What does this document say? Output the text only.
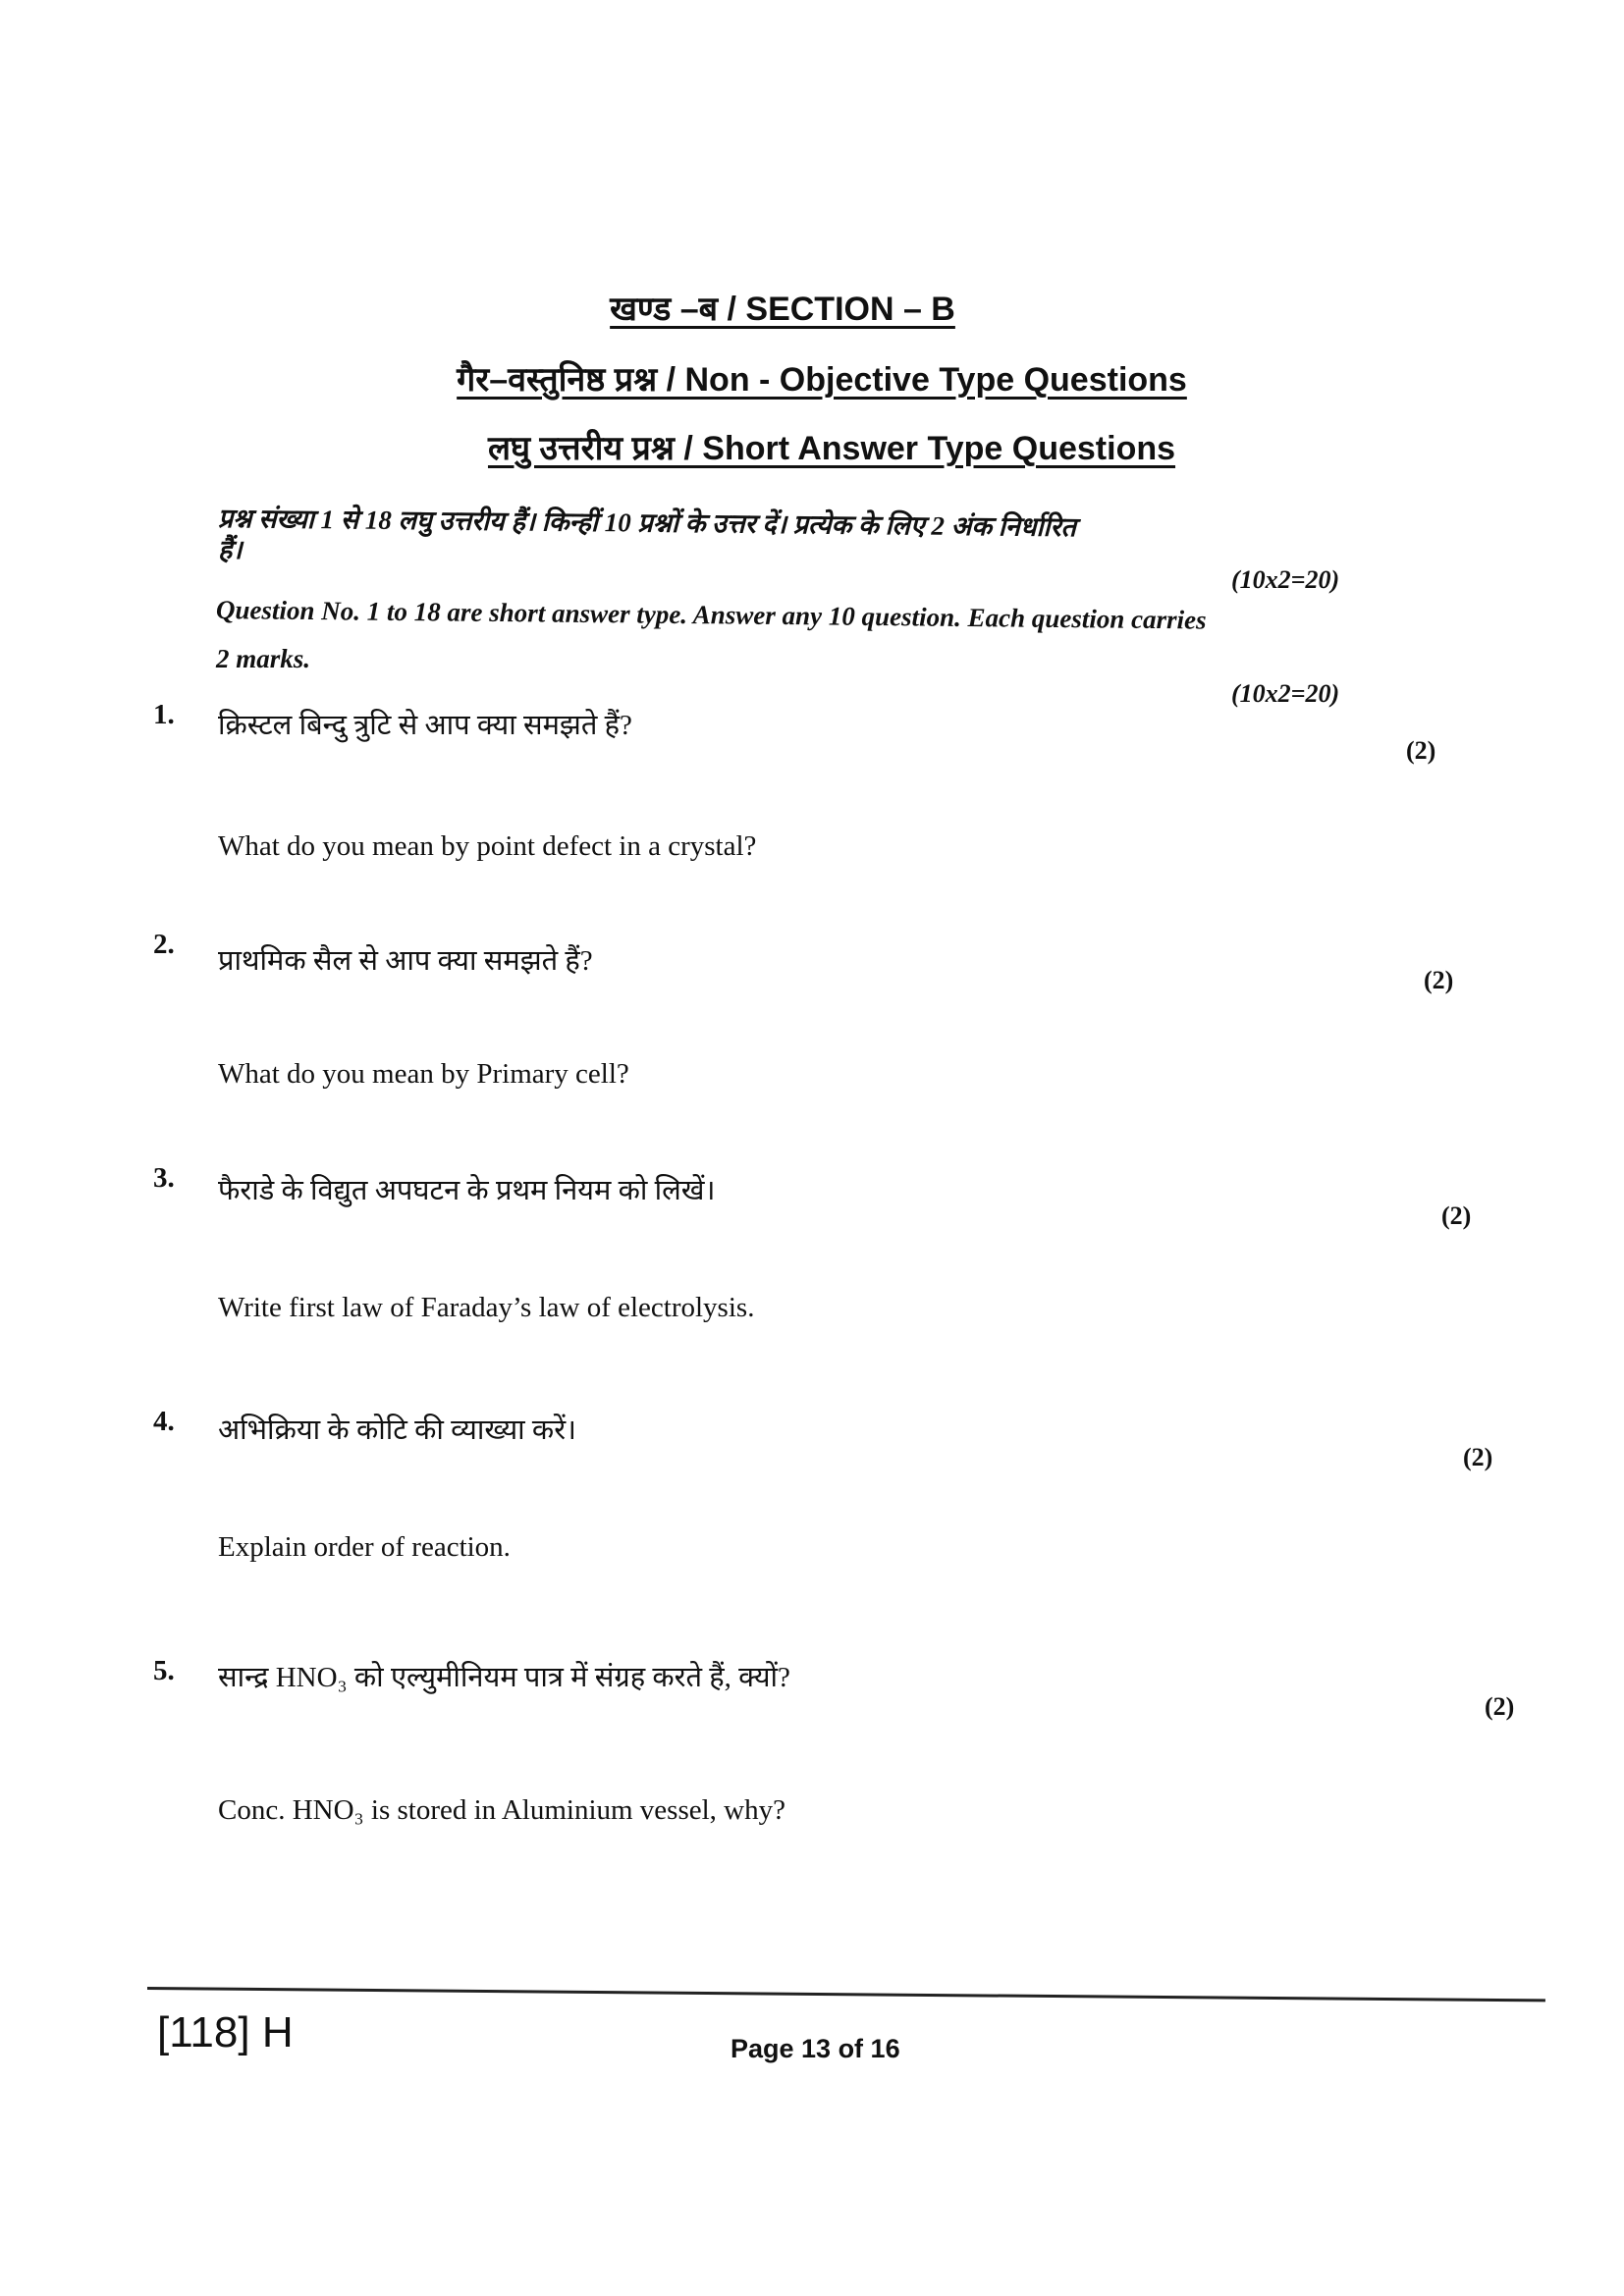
खण्ड –ब / SECTION – B
गैर–वस्तुनिष्ठ प्रश्न / Non - Objective Type Questions
लघु उत्तरीय प्रश्न / Short Answer Type Questions
प्रश्न संख्या 1 से 18 लघु उत्तरीय हैं। किन्हीं 10 प्रश्नों के उत्तर दें। प्रत्येक के लिए 2 अंक निर्धारित
हैं।
(10x2=20)
Question No. 1 to 18 are short answer type. Answer any 10 question. Each question carries
2 marks.
(10x2=20)
1. क्रिस्टल बिन्दु त्रुटि से आप क्या समझते हैं?
(2)
What do you mean by point defect in a crystal?
2.
प्राथमिक सैल से आप क्या समझते हैं?
(2)
What do you mean by Primary cell?
3. फैराडे के विद्युत अपघटन के प्रथम नियम को लिखें।
(2)
Write first law of Faraday’s law of electrolysis.
4. अभिक्रिया के कोटि की व्याख्या करें।
(2)
Explain order of reaction.
5. सान्द्र HNO₃ को एल्युमीनियम पात्र में संग्रह करते हैं, क्यों?
(2)
Conc. HNO₃ is stored in Aluminium vessel, why?
[118] H	Page 13 of 16
